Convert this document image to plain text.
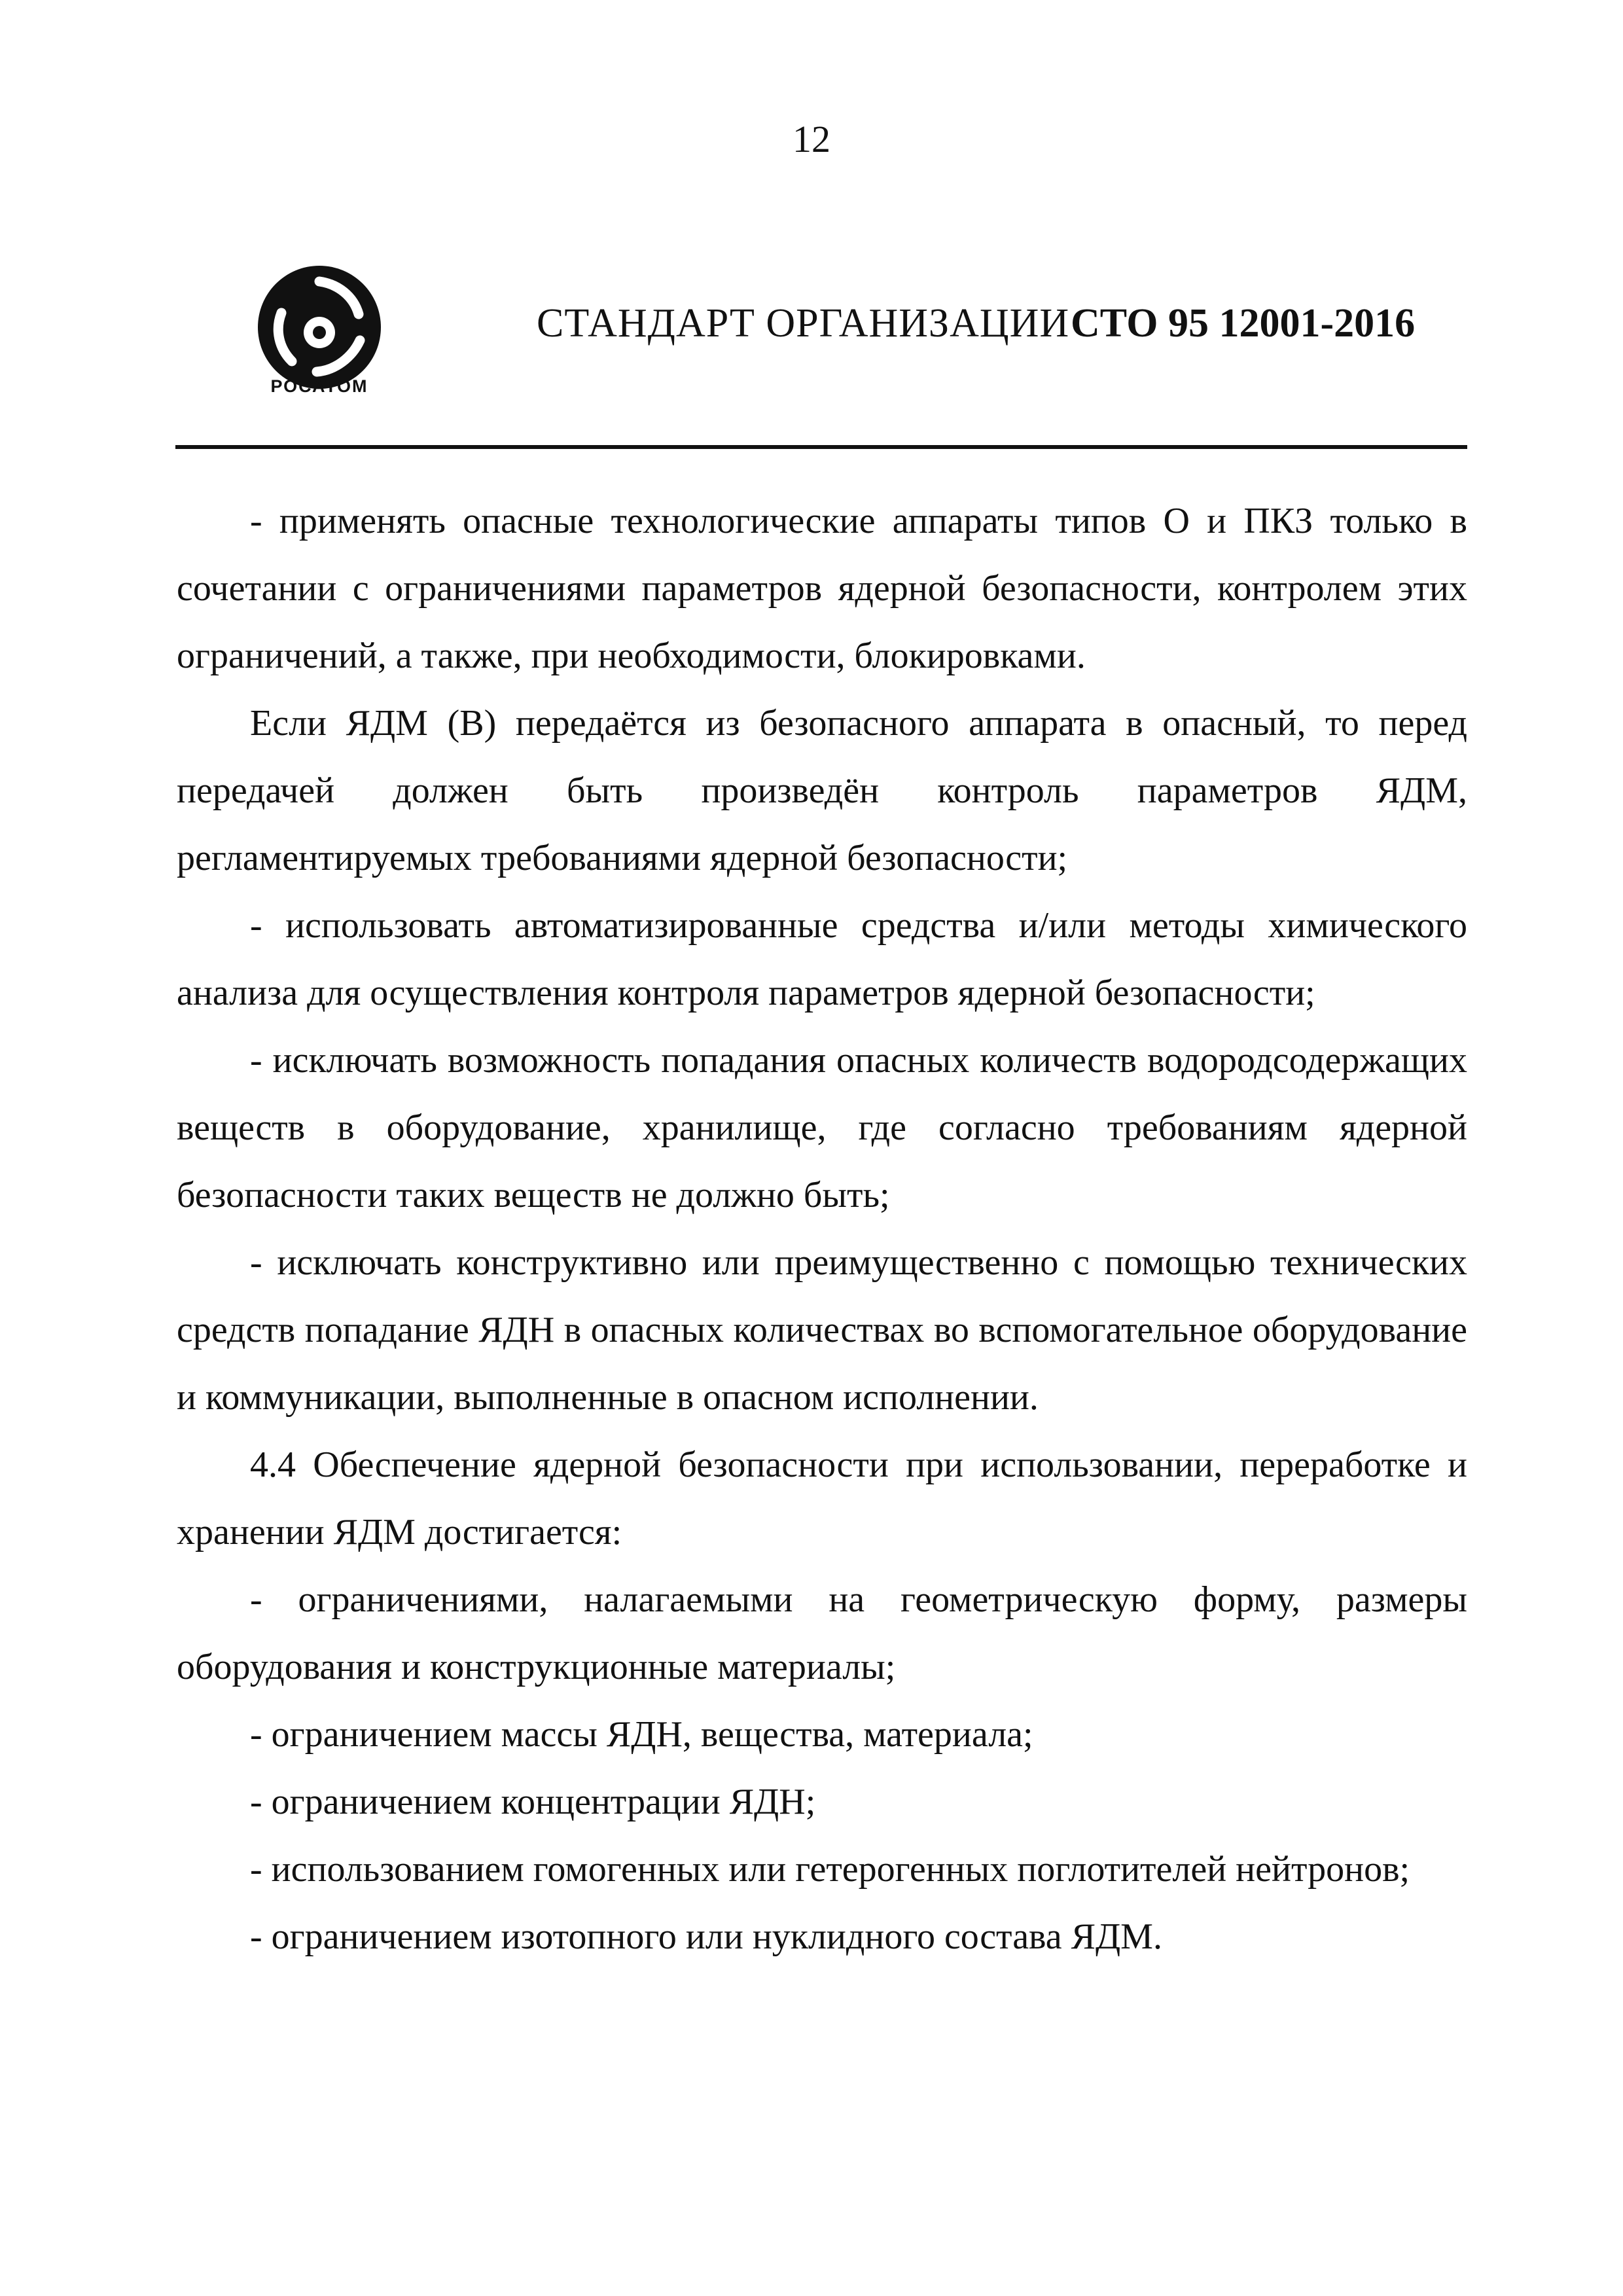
12
РОСАТОМ
СТАНДАРТ ОРГАНИЗАЦИИ СТО 95 12001-2016

- применять опасные технологические аппараты типов О и ПКЗ только в сочетании с ограничениями параметров ядерной безопасности, контролем этих ограничений, а также, при необходимости, блокировками.

Если ЯДМ (В) передаётся из безопасного аппарата в опасный, то перед передачей должен быть произведён контроль параметров ЯДМ, регламентируемых требованиями ядерной безопасности;

- использовать автоматизированные средства и/или методы химического анализа для осуществления контроля параметров ядерной безопасности;

- исключать возможность попадания опасных количеств водородсодержащих веществ в оборудование, хранилище, где согласно требованиям ядерной безопасности таких веществ не должно быть;

- исключать конструктивно или преимущественно с помощью технических средств попадание ЯДН в опасных количествах во вспомогательное оборудование и коммуникации, выполненные в опасном исполнении.

4.4 Обеспечение ядерной безопасности при использовании, переработке и хранении ЯДМ достигается:

- ограничениями, налагаемыми на геометрическую форму, размеры оборудования и конструкционные материалы;

- ограничением массы ЯДН, вещества, материала;

- ограничением концентрации ЯДН;

- использованием гомогенных или гетерогенных поглотителей нейтронов;

- ограничением изотопного или нуклидного состава ЯДМ.
